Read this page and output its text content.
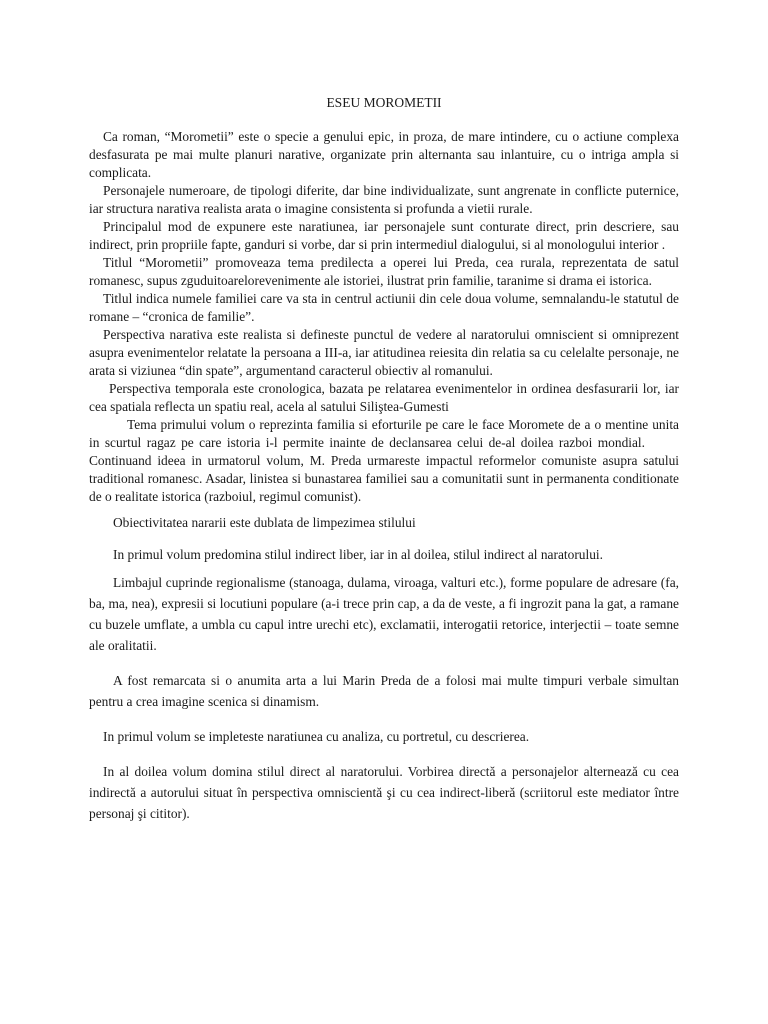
ESEU MOROMETII

Ca roman, “Morometii” este o specie a genului epic, in proza, de mare intindere, cu o actiune complexa desfasurata pe mai multe planuri narative, organizate prin alternanta sau inlantuire, cu o intriga ampla si complicata.

Personajele numeroare, de tipologi diferite, dar bine individualizate, sunt angrenate in conflicte puternice, iar structura narativa realista arata o imagine consistenta si profunda a vietii rurale.

Principalul mod de expunere este naratiunea, iar personajele sunt conturate direct, prin descriere, sau indirect, prin propriile fapte, ganduri si vorbe, dar si prin intermediul dialogului, si al monologului interior .

Titlul “Morometii” promoveaza tema predilecta a operei lui Preda, cea rurala, reprezentata de satul romanesc, supus zguduitoarelorevenimente ale istoriei, ilustrat prin familie, taranime si drama ei istorica.

Titlul indica numele familiei care va sta in centrul actiunii din cele doua volume, semnalandu-le statutul de romane – “cronica de familie”.

Perspectiva narativa este realista si defineste punctul de vedere al naratorului omniscient si omniprezent asupra evenimentelor relatate la persoana a III-a, iar atitudinea reiesita din relatia sa cu celelalte personaje, ne arata si viziunea “din spate”, argumentand caracterul obiectiv al romanului.

Perspectiva temporala este cronologica, bazata pe relatarea evenimentelor in ordinea desfasurarii lor, iar cea spatiala reflecta un spatiu real, acela al satului Siliştea-Gumesti

Tema primului volum o reprezinta familia si eforturile pe care le face Moromete de a o mentine unita in scurtul ragaz pe care istoria i-l permite inainte de declansarea celui de-al doilea razboi mondial.Continuand ideea in urmatorul volum, M. Preda urmareste impactul reformelor comuniste asupra satului traditional romanesc. Asadar, linistea si bunastarea familiei sau a comunitatii sunt in permanenta conditionate de o realitate istorica (razboiul, regimul comunist).

Obiectivitatea nararii este dublata de limpezimea stilului

In primul volum predomina stilul indirect liber, iar in al doilea, stilul indirect al naratorului.

Limbajul cuprinde regionalisme (stanoaga, dulama, viroaga, valturi etc.), forme populare de adresare (fa, ba, ma, nea), expresii si locutiuni populare (a-i trece prin cap, a da de veste, a fi ingrozit pana la gat, a ramane cu buzele umflate, a umbla cu capul intre urechi etc), exclamatii, interogatii retorice, interjectii – toate semne ale oralitatii.

A fost remarcata si o anumita arta a lui Marin Preda de a folosi mai multe timpuri verbale simultan pentru a crea imagine scenica si dinamism.

In primul volum se impleteste naratiunea cu analiza, cu portretul, cu descrierea.

In al doilea volum domina stilul direct al naratorului. Vorbirea directă a personajelor alternează cu cea indirectă a autorului situat în perspectiva omniscientă şi cu cea indirect-liberă (scriitorul este mediator între personaj şi cititor).
